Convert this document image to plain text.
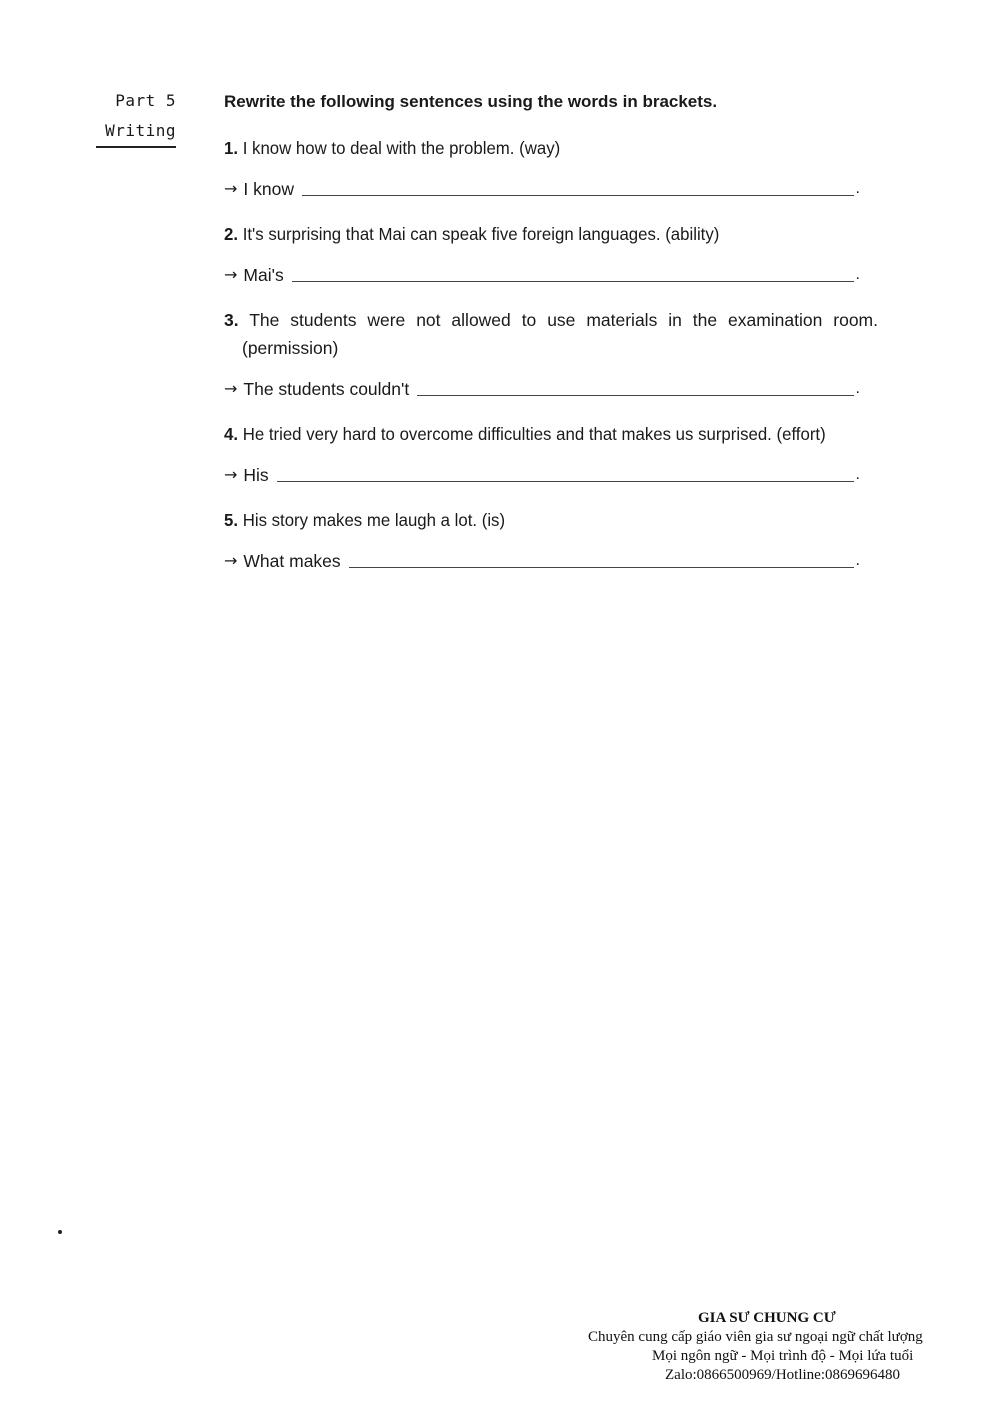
Part 5
Writing
Rewrite the following sentences using the words in brackets.
1. I know how to deal with the problem. (way)
→ I know	.
2. It's surprising that Mai can speak five foreign languages. (ability)
→ Mai's	.
3. The students were not allowed to use materials in the examination room. (permission)
→ The students couldn't	.
4. He tried very hard to overcome difficulties and that makes us surprised. (effort)
→ His	.
5. His story makes me laugh a lot. (is)
→ What makes	.
GIA SƯ CHUNG CƯ
Chuyên cung cấp giáo viên gia sư ngoại ngữ chất lượng
Mọi ngôn ngữ - Mọi trình độ - Mọi lứa tuổi
Zalo:0866500969/Hotline:0869696480
